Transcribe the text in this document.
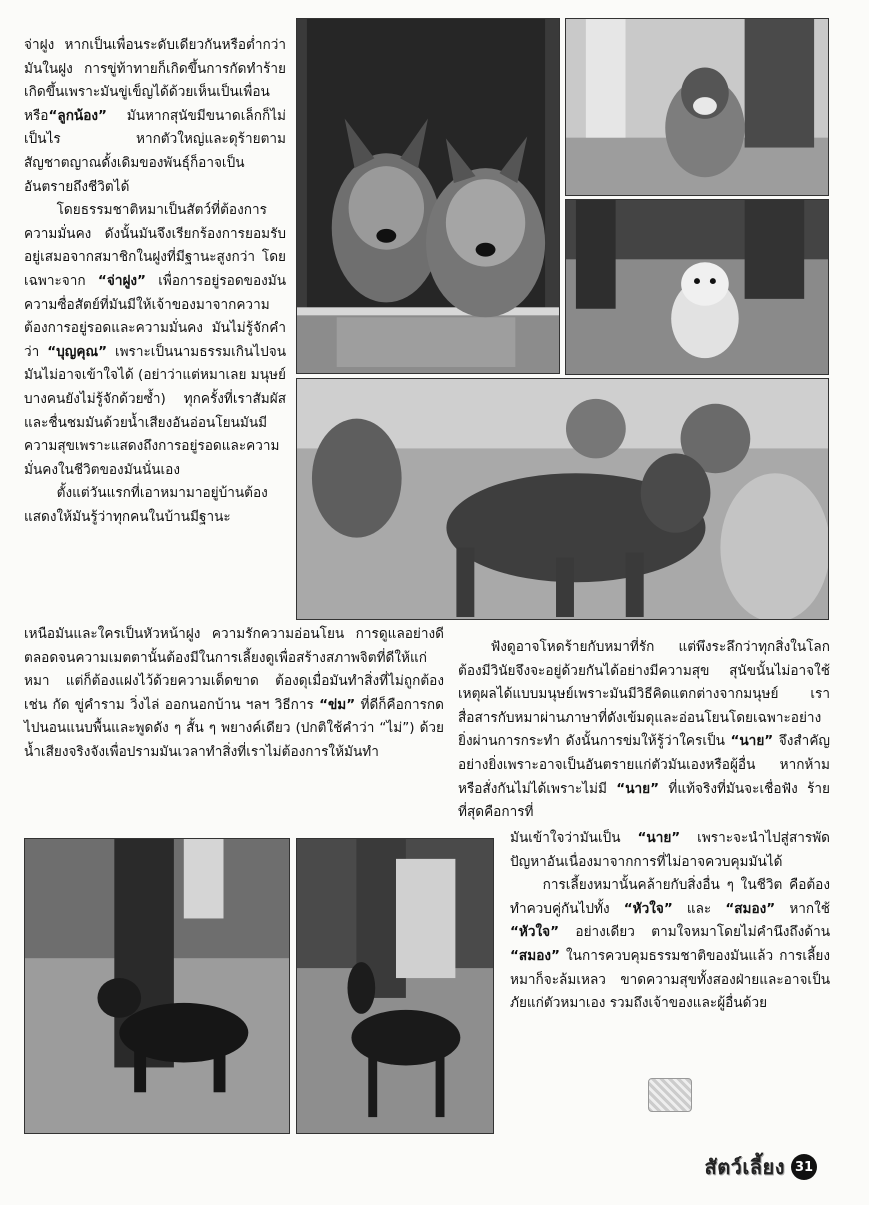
จ่าฝูง หากเป็นเพื่อนระดับเดียวกันหรือต่ำกว่ามันในฝูง การขู่ท้าทายก็เกิดขึ้นการกัดทำร้ายเกิดขึ้นเพราะมันขู่เข็ญได้ด้วยเห็นเป็นเพื่อนหรือ“ลูกน้อง” มันหากสุนัขมีขนาดเล็กก็ไม่เป็นไร หากตัวใหญ่และดุร้ายตามสัญชาตญาณดั้งเดิมของพันธุ์ก็อาจเป็นอันตรายถึงชีวิตได้

โดยธรรมชาติหมาเป็นสัตว์ที่ต้องการความมั่นคง ดังนั้นมันจึงเรียกร้องการยอมรับอยู่เสมอจากสมาชิกในฝูงที่มีฐานะสูงกว่า โดยเฉพาะจาก “จ่าฝูง” เพื่อการอยู่รอดของมัน ความซื่อสัตย์ที่มันมีให้เจ้าของมาจากความต้องการอยู่รอดและความมั่นคง มันไม่รู้จักคำว่า “บุญคุณ” เพราะเป็นนามธรรมเกินไปจนมันไม่อาจเข้าใจได้ (อย่าว่าแต่หมาเลย มนุษย์บางคนยังไม่รู้จักด้วยซ้ำ) ทุกครั้งที่เราสัมผัสและชื่นชมมันด้วยน้ำเสียงอันอ่อนโยนมันมีความสุขเพราะแสดงถึงการอยู่รอดและความมั่นคงในชีวิตของมันนั่นเอง

ตั้งแต่วันแรกที่เอาหมามาอยู่บ้านต้องแสดงให้มันรู้ว่าทุกคนในบ้านมีฐานะ

เหนือมันและใครเป็นหัวหน้าฝูง ความรักความอ่อนโยน การดูแลอย่างดี ตลอดจนความเมตตานั้นต้องมีในการเลี้ยงดูเพื่อสร้างสภาพจิตที่ดีให้แก่หมา แต่ก็ต้องแฝงไว้ด้วยความเด็ดขาด ต้องดุเมื่อมันทำสิ่งที่ไม่ถูกต้อง เช่น กัด ขู่คำราม วิ่งไล่ ออกนอกบ้าน ฯลฯ วิธีการ “ข่ม” ที่ดีก็คือการกดไปนอนแนบพื้นและพูดดัง ๆ สั้น ๆ พยางค์เดียว (ปกติใช้คำว่า “ไม่”) ด้วยน้ำเสียงจริงจังเพื่อปรามมันเวลาทำสิ่งที่เราไม่ต้องการให้มันทำ

ฟังดูอาจโหดร้ายกับหมาที่รัก แต่พึงระลึกว่าทุกสิ่งในโลกต้องมีวินัยจึงจะอยู่ด้วยกันได้อย่างมีความสุข สุนัขนั้นไม่อาจใช้เหตุผลได้แบบมนุษย์เพราะมันมีวิธีคิดแตกต่างจากมนุษย์ เราสื่อสารกับหมาผ่านภาษาที่ดังเข้มดุและอ่อนโยนโดยเฉพาะอย่างยิ่งผ่านการกระทำ ดังนั้นการข่มให้รู้ว่าใครเป็น “นาย” จึงสำคัญอย่างยิ่งเพราะอาจเป็นอันตรายแก่ตัวมันเองหรือผู้อื่น หากห้ามหรือสั่งกันไม่ได้เพราะไม่มี “นาย” ที่แท้จริงที่มันจะเชื่อฟัง ร้ายที่สุดคือการที่

มันเข้าใจว่ามันเป็น “นาย” เพราะจะนำไปสู่สารพัดปัญหาอันเนื่องมาจากการที่ไม่อาจควบคุมมันได้

การเลี้ยงหมานั้นคล้ายกับสิ่งอื่น ๆ ในชีวิต คือต้องทำควบคู่กันไปทั้ง “หัวใจ” และ “สมอง” หากใช้ “หัวใจ” อย่างเดียว ตามใจหมาโดยไม่คำนึงถึงด้าน “สมอง” ในการควบคุมธรรมชาติของมันแล้ว การเลี้ยงหมาก็จะล้มเหลว ขาดความสุขทั้งสองฝ่ายและอาจเป็นภัยแก่ตัวหมาเอง รวมถึงเจ้าของและผู้อื่นด้วย

สัตว์เลี้ยง 31
